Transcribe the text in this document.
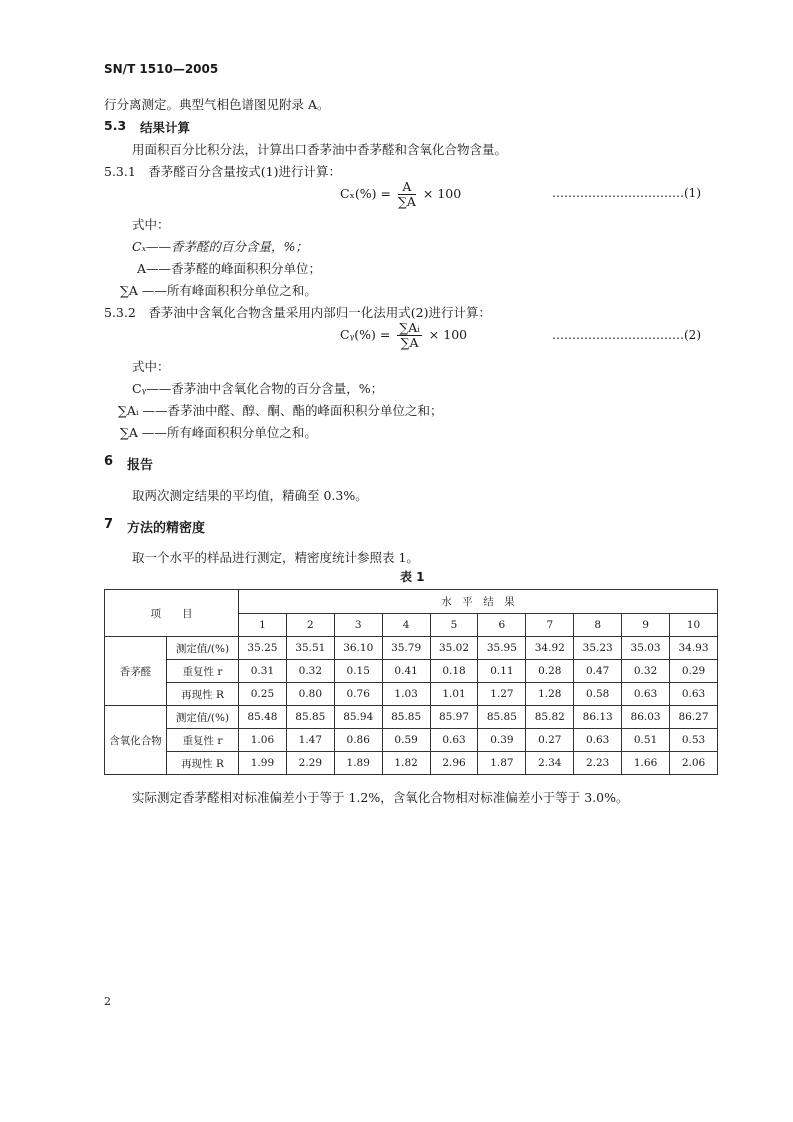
SN/T 1510—2005
行分离测定。典型气相色谱图见附录 A。
5.3 结果计算
用面积百分比积分法，计算出口香茅油中香茅醛和含氧化合物含量。
5.3.1　香茅醛百分含量按式(1)进行计算：
$C_x(\%) = \frac{A}{\sum A} \times 100$	……………………………(1)
式中：
Cₓ——香茅醛的百分含量，%；
A——香茅醛的峰面积积分单位；
∑A ——所有峰面积积分单位之和。
5.3.2　香茅油中含氧化合物含量采用内部归一化法用式(2)进行计算：
Cᵧ(%) = $\frac{\text{∑Aᵢ}}{\sum A} \times 100$	……………………………(2)
式中：
Cᵧ——香茅油中含氧化合物的百分含量，%；
∑Aᵢ ——香茅油中醛、醇、酮、酯的峰面积积分单位之和；
∑A ——所有峰面积积分单位之和。
6 报告
取两次测定结果的平均值，精确至 0.3%。
7 方法的精密度
取一个水平的样品进行测定，精密度统计参照表 1。
表 1
项　　目		水　平　结　果									
		1	2	3	4	5	6	7	8	9	10
香茅醛	测定值/(%)	35.25	35.51	36.10	35.79	35.02	35.95	34.92	35.23	35.03	34.93
	重复性 r	0.31	0.32	0.15	0.41	0.18	0.11	0.28	0.47	0.32	0.29
	再现性 R	0.25	0.80	0.76	1.03	1.01	1.27	1.28	0.58	0.63	0.63
含氧化合物	测定值/(%)	85.48	85.85	85.94	85.85	85.97	85.85	85.82	86.13	86.03	86.27
	重复性 r	1.06	1.47	0.86	0.59	0.63	0.39	0.27	0.63	0.51	0.53
	再现性 R	1.99	2.29	1.89	1.82	2.96	1.87	2.34	2.23	1.66	2.06
实际测定香茅醛相对标准偏差小于等于 1.2%，含氧化合物相对标准偏差小于等于 3.0%。
2
